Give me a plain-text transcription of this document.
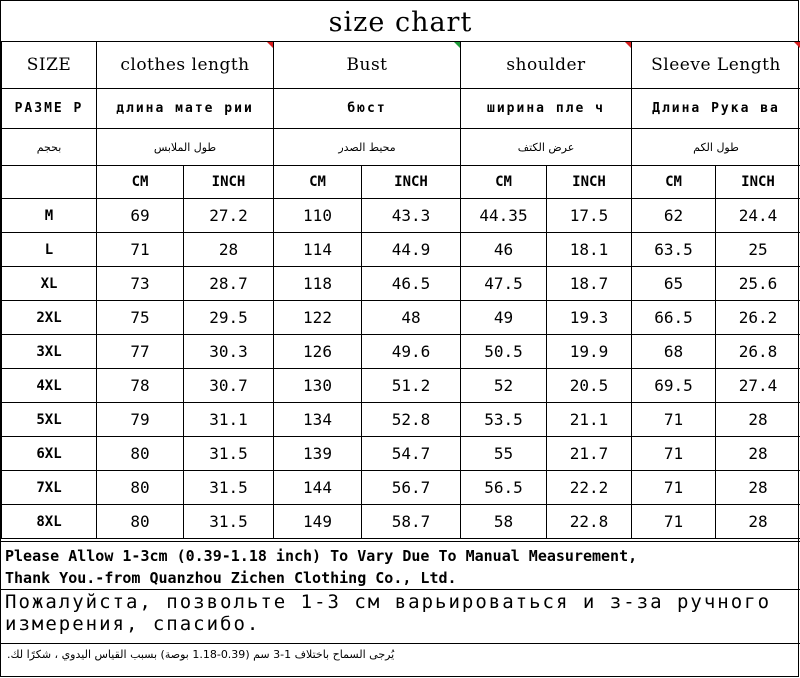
size chart
SIZE	clothes length		Bust		shoulder		Sleeve Length	

РАЗМЕ Р	длина мате рии		бюст		ширина пле ч		Длина Рука ва	
بحجم	طول الملابس		محيط الصدر		عرض الكتف		طول الكم	
	CM	INCH	CM	INCH	CM	INCH	CM	INCH
M	69	27.2	110	43.3	44.35	17.5	62	24.4
L	71	28	114	44.9	46	18.1	63.5	25
XL	73	28.7	118	46.5	47.5	18.7	65	25.6
2XL	75	29.5	122	48	49	19.3	66.5	26.2
3XL	77	30.3	126	49.6	50.5	19.9	68	26.8
4XL	78	30.7	130	51.2	52	20.5	69.5	27.4
5XL	79	31.1	134	52.8	53.5	21.1	71	28
6XL	80	31.5	139	54.7	55	21.7	71	28
7XL	80	31.5	144	56.7	56.5	22.2	71	28
8XL	80	31.5	149	58.7	58	22.8	71	28
Please Allow 1-3cm (0.39-1.18 inch) To Vary Due To Manual Measurement,
Thank You.-from Quanzhou Zichen Clothing Co., Ltd.
Пожалуйста, позвольте 1-3 см варьироваться и з-за ручного измерения, спасибо.
يُرجى السماح باختلاف 1-3 سم (0.39-1.18 بوصة) بسبب القياس اليدوي ، شكرًا لك.
